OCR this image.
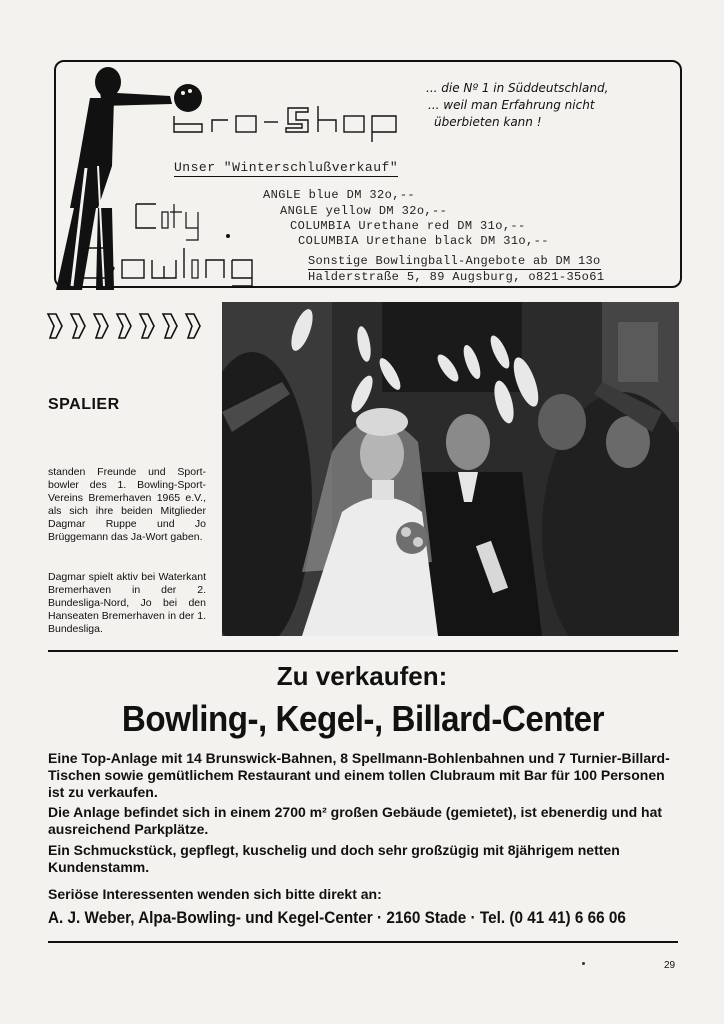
... die Nº 1 in Süddeutschland,
... weil man Erfahrung nicht
überbieten kann !
Unser "Winterschlußverkauf"
ANGLE blue DM 32o,--
ANGLE yellow DM 32o,--
COLUMBIA Urethane red DM 31o,--
COLUMBIA Urethane black DM 31o,--
Sonstige Bowlingball-Angebote ab DM 13o
Halderstraße 5, 89 Augsburg, o821-35o61
SPALIER
standen Freunde und Sportbowler des 1. Bowling-Sport-Vereins Bremerhaven 1965 e.V., als sich ihre beiden Mitglieder Dagmar Ruppe und Jo Brüggemann das Ja-Wort gaben.
Dagmar spielt aktiv bei Waterkant Bremerhaven in der 2. Bundesliga-Nord, Jo bei den Hanseaten Bremerhaven in der 1. Bundesliga.
Zu verkaufen:
Bowling-, Kegel-, Billard-Center
Eine Top-Anlage mit 14 Brunswick-Bahnen, 8 Spellmann-Bohlenbahnen und 7 Turnier-Billard-Tischen sowie gemütlichem Restaurant und einem tollen Clubraum mit Bar für 100 Personen ist zu verkaufen.
Die Anlage befindet sich in einem 2700 m² großen Gebäude (gemietet), ist ebenerdig und hat ausreichend Parkplätze.
Ein Schmuckstück, gepflegt, kuschelig und doch sehr großzügig mit 8jährigem netten Kundenstamm.
Seriöse Interessenten wenden sich bitte direkt an:
A. J. Weber, Alpa-Bowling- und Kegel-Center · 2160 Stade · Tel. (0 41 41) 6 66 06
29
